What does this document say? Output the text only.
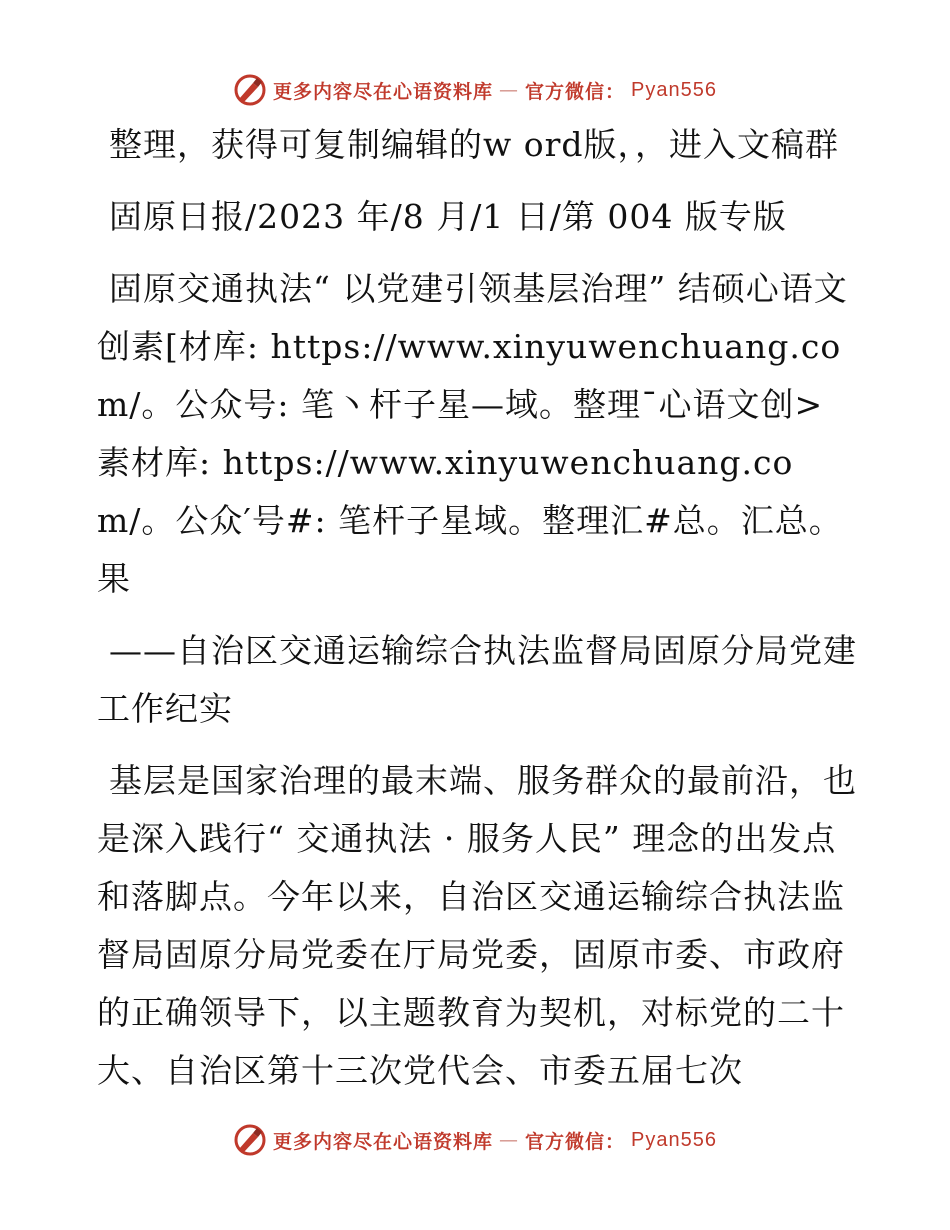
更多内容尽在心语资料库 — 官方微信： Pyan556

整理，获得可复制编辑的w ord版，，进入文稿群

固原日报/2023 年/8 月/1 日/第 004 版专版

固原交通执法“ 以党建引领基层治理” 结硕心语文创素[材库: https://www.xinyuwenchuang.com/。公众号: 笔丶杆子星—域。整理¯心语文创>素材库: https://www.xinyuwenchuang.com/。公众′号#: 笔杆子星域。整理汇#总。汇总。果

——自治区交通运输综合执法监督局固原分局党建工作纪实

基层是国家治理的最末端、服务群众的最前沿，也是深入践行“ 交通执法 · 服务人民” 理念的出发点和落脚点。今年以来，自治区交通运输综合执法监督局固原分局党委在厅局党委，固原市委、市政府的正确领导下，以主题教育为契机，对标党的二十大、自治区第十三次党代会、市委五届七次

更多内容尽在心语资料库 — 官方微信： Pyan556
